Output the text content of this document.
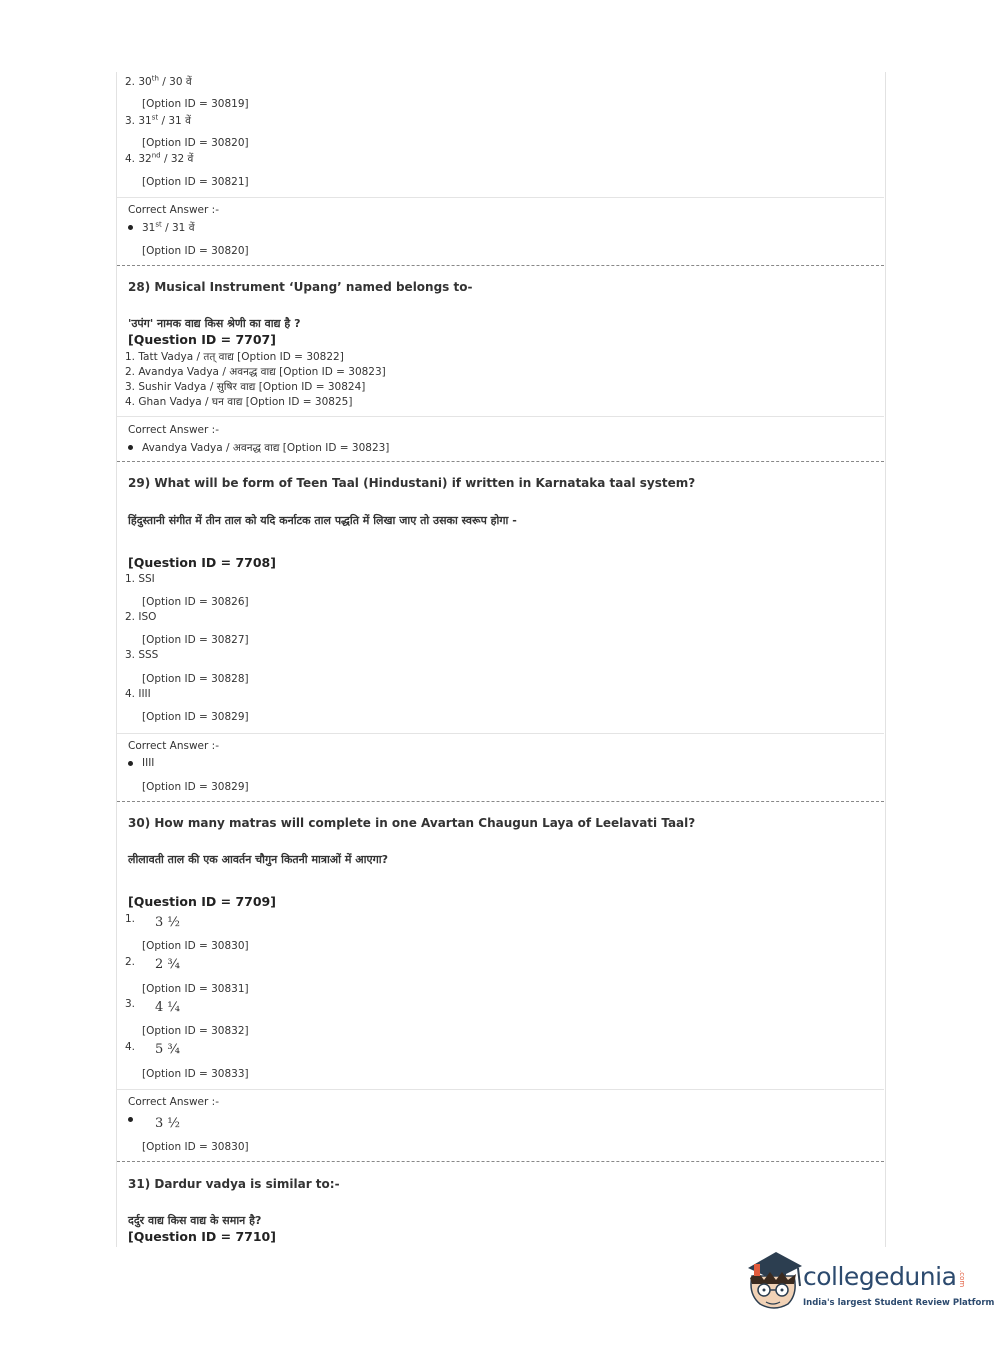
2. 30th / 30 वें
[Option ID = 30819]
3. 31st / 31 वें
[Option ID = 30820]
4. 32nd / 32 वें
[Option ID = 30821]
Correct Answer :-
31st / 31 वें
[Option ID = 30820]
28) Musical Instrument ‘Upang’ named belongs to-
'उपंग' नामक वाद्य किस श्रेणी का वाद्य है ?
[Question ID = 7707]
1. Tatt Vadya / तत् वाद्य [Option ID = 30822]
2. Avandya Vadya / अवनद्ध वाद्य [Option ID = 30823]
3. Sushir Vadya / सुषिर वाद्य [Option ID = 30824]
4. Ghan Vadya / घन वाद्य [Option ID = 30825]
Correct Answer :-
Avandya Vadya / अवनद्ध वाद्य [Option ID = 30823]
29) What will be form of Teen Taal (Hindustani) if written in Karnataka taal system?
हिंदुस्तानी संगीत में तीन ताल को यदि कर्नाटक ताल पद्धति में लिखा जाए तो उसका स्वरूप होगा -
[Question ID = 7708]
1. SSI
[Option ID = 30826]
2. ISO
[Option ID = 30827]
3. SSS
[Option ID = 30828]
4. IIII
[Option ID = 30829]
Correct Answer :-
IIII
[Option ID = 30829]
30) How many matras will complete in one Avartan Chaugun Laya of Leelavati Taal?
लीलावती ताल की एक आवर्तन चौगुन कितनी मात्राओं में आएगा?
[Question ID = 7709]
1. 3 ½
[Option ID = 30830]
2. 2 ¾
[Option ID = 30831]
3. 4 ¼
[Option ID = 30832]
4. 5 ¾
[Option ID = 30833]
Correct Answer :-
3 ½
[Option ID = 30830]
31) Dardur vadya is similar to:-
दर्दुर वाद्य किस वाद्य के समान है?
[Question ID = 7710]
collegedunia .com
India's largest Student Review Platform
